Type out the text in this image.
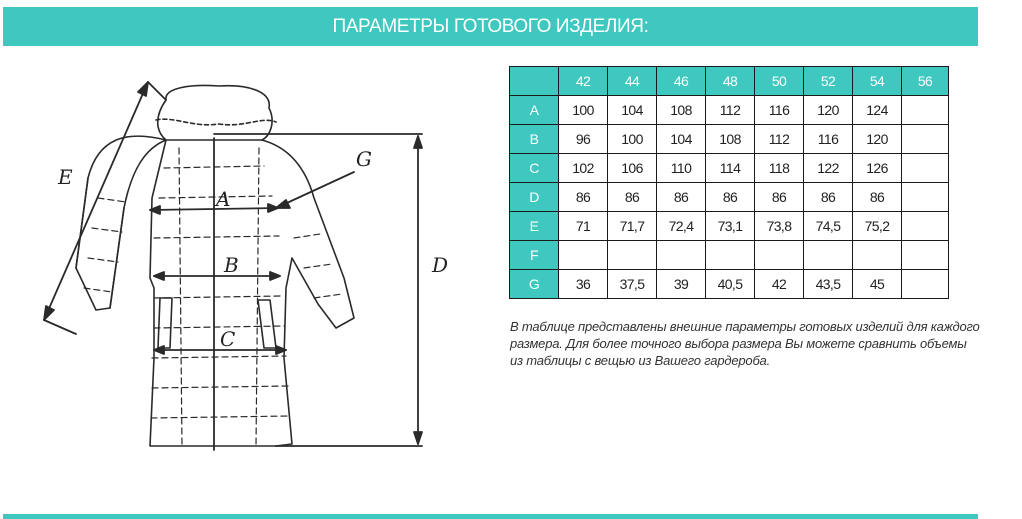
ПАРАМЕТРЫ ГОТОВОГО ИЗДЕЛИЯ:
A
B
C
D
E
G
	42	44	46	48	50	52	54	56
A	100	104	108	112	116	120	124	
B	96	100	104	108	112	116	120	
C	102	106	110	114	118	122	126	
D	86	86	86	86	86	86	86	
E	71	71,7	72,4	73,1	73,8	74,5	75,2	
F								
G	36	37,5	39	40,5	42	43,5	45	
В таблице представлены внешние параметры готовых изделий для каждого размера. Для более точного выбора размера Вы можете сравнить объемы из таблицы с вещью из Вашего гардероба.
